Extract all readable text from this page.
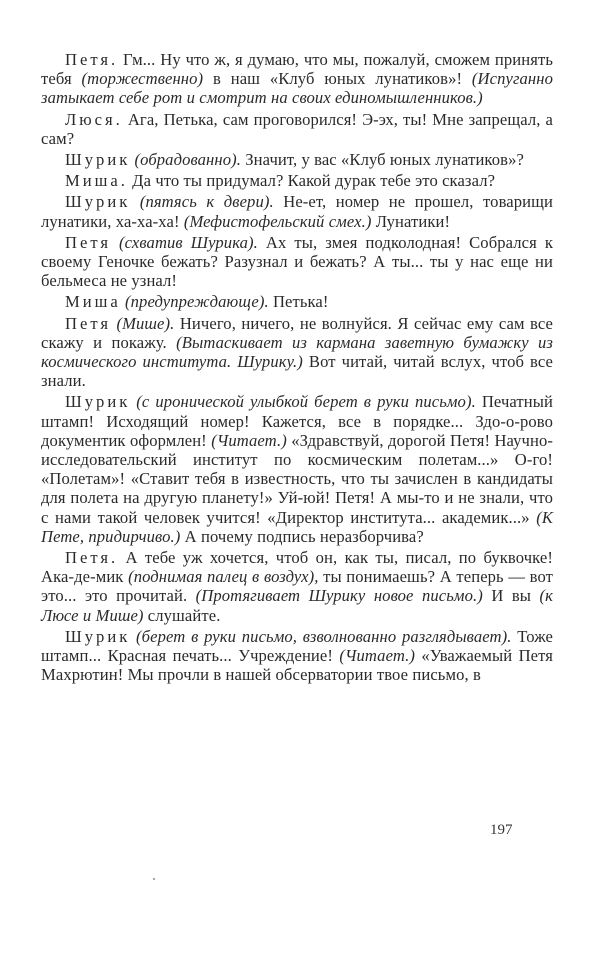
Петя. Гм... Ну что ж, я думаю, что мы, пожалуй, сможем принять тебя (торжественно) в наш «Клуб юных лунатиков»! (Испуганно затыкает себе рот и смотрит на своих единомышленников.)

Люся. Ага, Петька, сам проговорился! Э-эх, ты! Мне запрещал, а сам?

Шурик (обрадованно). Значит, у вас «Клуб юных лунатиков»?

Миша. Да что ты придумал? Какой дурак тебе это сказал?

Шурик (пятясь к двери). Не-ет, номер не прошел, товарищи лунатики, ха-ха-ха! (Мефистофельский смех.) Лунатики!

Петя (схватив Шурика). Ах ты, змея подколодная! Собрался к своему Геночке бежать? Разузнал и бежать? А ты... ты у нас еще ни бельмеса не узнал!

Миша (предупреждающе). Петька!

Петя (Мише). Ничего, ничего, не волнуйся. Я сейчас ему сам все скажу и покажу. (Вытаскивает из кармана заветную бумажку из космического института. Шурику.) Вот читай, читай вслух, чтоб все знали.

Шурик (с иронической улыбкой берет в руки письмо). Печатный штамп! Исходящий номер! Кажется, все в порядке... Здо-о-рово документик оформлен! (Читает.) «Здравствуй, дорогой Петя! Научно-исследовательский институт по космическим полетам...» О-го! «Полетам»! «Ставит тебя в известность, что ты зачислен в кандидаты для полета на другую планету!» Уй-юй! Петя! А мы-то и не знали, что с нами такой человек учится! «Директор института... академик...» (К Пете, придирчиво.) А почему подпись неразборчива?

Петя. А тебе уж хочется, чтоб он, как ты, писал, по буквочке! Ака-де-мик (поднимая палец в воздух), ты понимаешь? А теперь — вот это... это прочитай. (Протягивает Шурику новое письмо.) И вы (к Люсе и Мише) слушайте.

Шурик (берет в руки письмо, взволнованно разглядывает). Тоже штамп... Красная печать... Учреждение! (Читает.) «Уважаемый Петя Махрютин! Мы прочли в нашей обсерватории твое письмо, в

197
